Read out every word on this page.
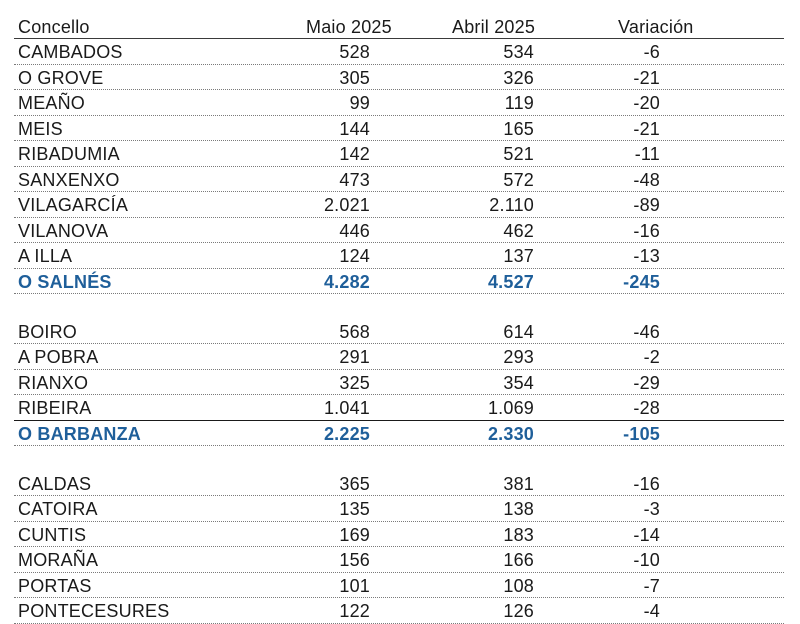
Concello	Maio 2025	Abril 2025	Variación
CAMBADOS	528	534	-6
O GROVE	305	326	-21
MEAÑO	99	119	-20
MEIS	144	165	-21
RIBADUMIA	142	521	-11
SANXENXO	473	572	-48
VILAGARCÍA	2.021	2.110	-89
VILANOVA	446	462	-16
A ILLA	124	137	-13
O SALNÉS	4.282	4.527	-245
BOIRO	568	614	-46
A POBRA	291	293	-2
RIANXO	325	354	-29
RIBEIRA	1.041	1.069	-28
O BARBANZA	2.225	2.330	-105
CALDAS	365	381	-16
CATOIRA	135	138	-3
CUNTIS	169	183	-14
MORAÑA	156	166	-10
PORTAS	101	108	-7
PONTECESURES	122	126	-4
